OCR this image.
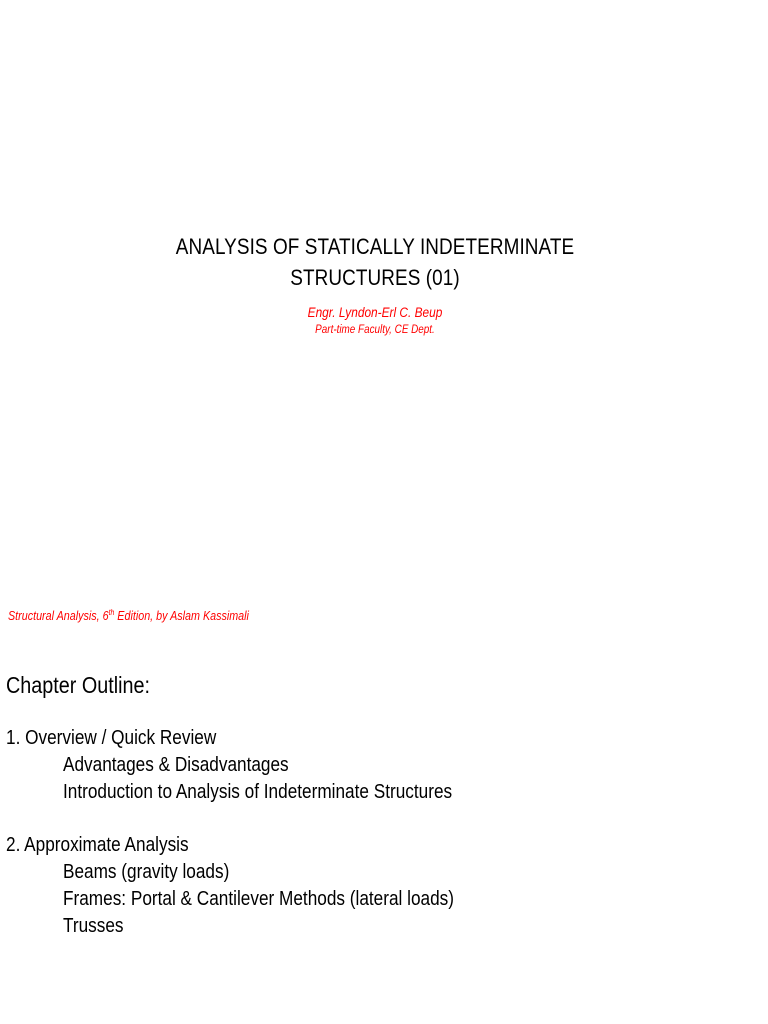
ANALYSIS OF STATICALLY INDETERMINATE
STRUCTURES (01)
Engr. Lyndon-Erl C. Beup
Part-time Faculty, CE Dept.
Structural Analysis, 6th Edition, by Aslam Kassimali
Chapter Outline:
1. Overview / Quick Review
Advantages & Disadvantages
Introduction to Analysis of Indeterminate Structures
2. Approximate Analysis
Beams (gravity loads)
Frames: Portal & Cantilever Methods (lateral loads)
Trusses
